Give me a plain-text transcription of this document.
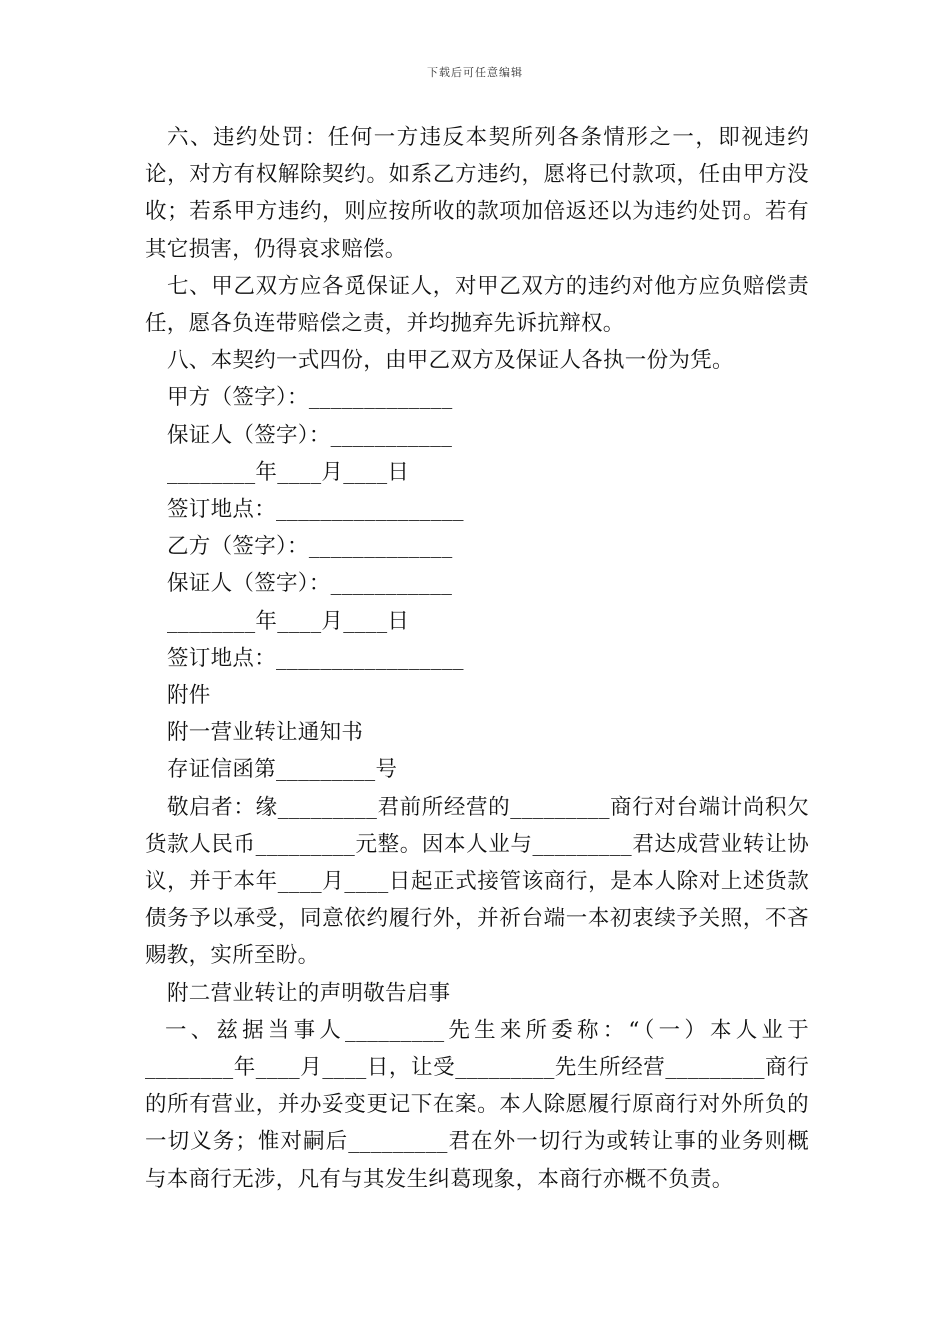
下载后可任意编辑

六、违约处罚：任何一方违反本契所列各条情形之一，即视违约论，对方有权解除契约。如系乙方违约，愿将已付款项，任由甲方没收；若系甲方违约，则应按所收的款项加倍返还以为违约处罚。若有其它损害，仍得哀求赔偿。

七、甲乙双方应各觅保证人，对甲乙双方的违约对他方应负赔偿责任，愿各负连带赔偿之责，并均抛弃先诉抗辩权。

八、本契约一式四份，由甲乙双方及保证人各执一份为凭。

甲方（签字）：_____________

保证人（签字）：___________

________年____月____日

签订地点：_________________

乙方（签字）：_____________

保证人（签字）：___________

________年____月____日

签订地点：_________________

附件

附一营业转让通知书

存证信函第_________号

敬启者：缘_________君前所经营的_________商行对台端计尚积欠货款人民币_________元整。因本人业与_________君达成营业转让协议，并于本年____月____日起正式接管该商行，是本人除对上述货款债务予以承受，同意依约履行外，并祈台端一本初衷续予关照，不吝赐教，实所至盼。

附二营业转让的声明敬告启事

一、兹据当事人_________先生来所委称：“（一）本人业于________年____月____日，让受_________先生所经营_________商行的所有营业，并办妥变更记下在案。本人除愿履行原商行对外所负的一切义务；惟对嗣后_________君在外一切行为或转让事的业务则概与本商行无涉，凡有与其发生纠葛现象，本商行亦概不负责。
